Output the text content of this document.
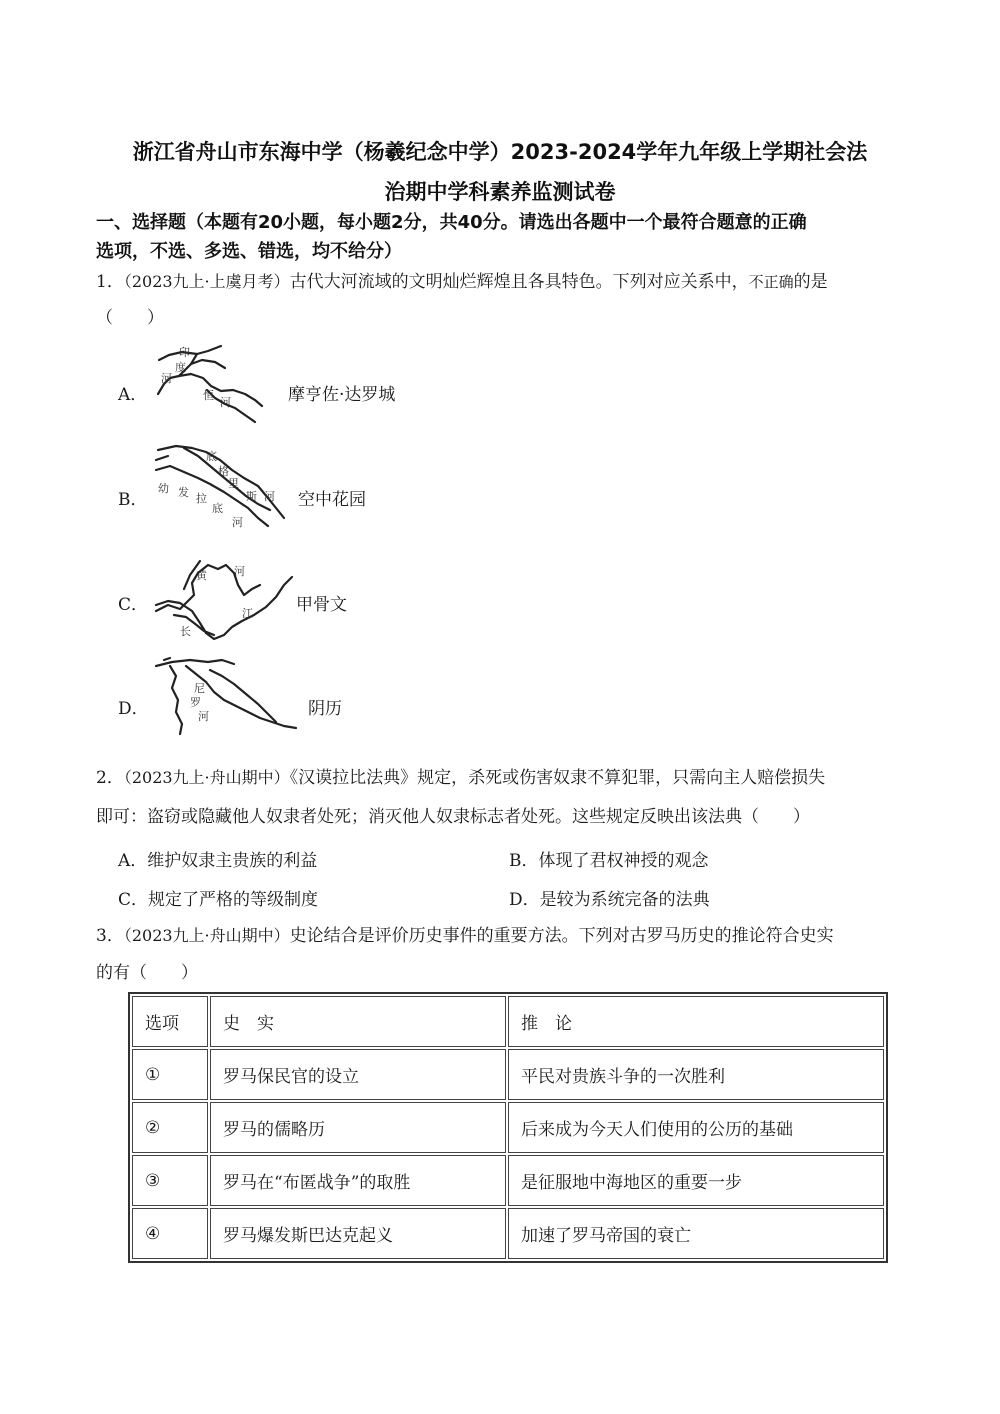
浙江省舟山市东海中学（杨羲纪念中学）2023-2024学年九年级上学期社会法
治期中学科素养监测试卷
一、选择题（本题有20小题，每小题2分，共40分。请选出各题中一个最符合题意的正确
选项，不选、多选、错选，均不给分）
1．（2023九上·上虞月考）古代大河流域的文明灿烂辉煌且各具特色。下列对应关系中，不正确的是
（　　）
A．
印
度
河
恒
河	摩亨佐·达罗城
B．
底
格
里
斯 河
幼 发 拉
底
河
空中花园
C．
黄 河
长
江	甲骨文
D．
尼
罗
河	阴历
2．（2023九上·舟山期中）《汉谟拉比法典》规定，杀死或伤害奴隶不算犯罪，只需向主人赔偿损失
即可：盗窃或隐藏他人奴隶者处死；消灭他人奴隶标志者处死。这些规定反映出该法典（　　）
A．维护奴隶主贵族的利益	B．体现了君权神授的观念
C．规定了严格的等级制度	D．是较为系统完备的法典
3．（2023九上·舟山期中）史论结合是评价历史事件的重要方法。下列对古罗马历史的推论符合史实
的有（　　）
选项	史　实	推　论
①	罗马保民官的设立	平民对贵族斗争的一次胜利
②	罗马的儒略历	后来成为今天人们使用的公历的基础
③	罗马在“布匿战争”的取胜	是征服地中海地区的重要一步
④	罗马爆发斯巴达克起义	加速了罗马帝国的衰亡
